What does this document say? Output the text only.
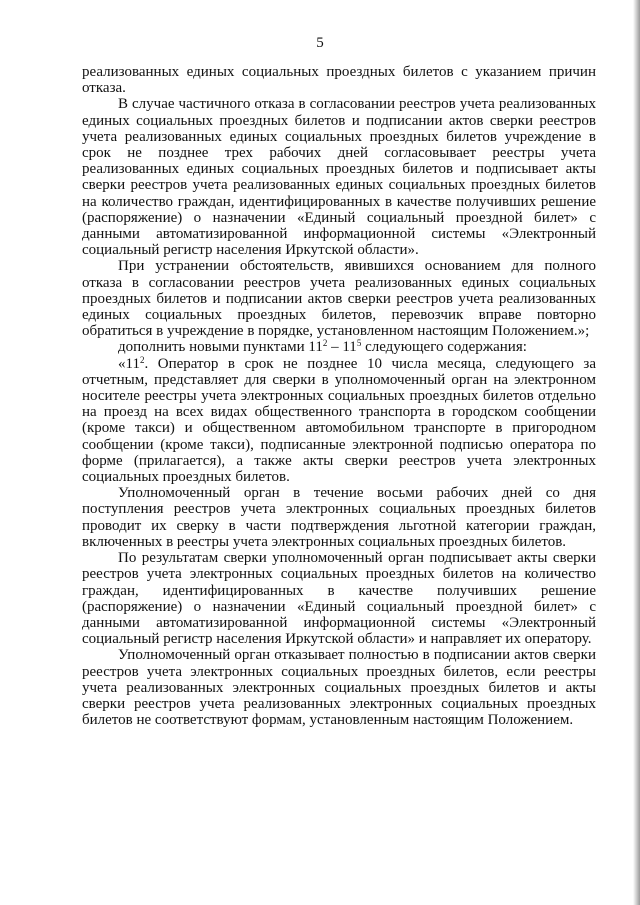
5

реализованных единых социальных проездных билетов с указанием причин отказа.

В случае частичного отказа в согласовании реестров учета реализованных единых социальных проездных билетов и подписании актов сверки реестров учета реализованных единых социальных проездных билетов учреждение в срок не позднее трех рабочих дней согласовывает реестры учета реализованных единых социальных проездных билетов и подписывает акты сверки реестров учета реализованных единых социальных проездных билетов на количество граждан, идентифицированных в качестве получивших решение (распоряжение) о назначении «Единый социальный проездной билет» с данными автоматизированной информационной системы «Электронный социальный регистр населения Иркутской области».

При устранении обстоятельств, явившихся основанием для полного отказа в согласовании реестров учета реализованных единых социальных проездных билетов и подписании актов сверки реестров учета реализованных единых социальных проездных билетов, перевозчик вправе повторно обратиться в учреждение в порядке, установленном настоящим Положением.»;

дополнить новыми пунктами $11^2 - 11^5$ следующего содержания:

«$11^2$. Оператор в срок не позднее 10 числа месяца, следующего за отчетным, представляет для сверки в уполномоченный орган на электронном носителе реестры учета электронных социальных проездных билетов отдельно на проезд на всех видах общественного транспорта в городском сообщении (кроме такси) и общественном автомобильном транспорте в пригородном сообщении (кроме такси), подписанные электронной подписью оператора по форме (прилагается), а также акты сверки реестров учета электронных социальных проездных билетов.

Уполномоченный орган в течение восьми рабочих дней со дня поступления реестров учета электронных социальных проездных билетов проводит их сверку в части подтверждения льготной категории граждан, включенных в реестры учета электронных социальных проездных билетов.

По результатам сверки уполномоченный орган подписывает акты сверки реестров учета электронных социальных проездных билетов на количество граждан, идентифицированных в качестве получивших решение (распоряжение) о назначении «Единый социальный проездной билет» с данными автоматизированной информационной системы «Электронный социальный регистр населения Иркутской области» и направляет их оператору.

Уполномоченный орган отказывает полностью в подписании актов сверки реестров учета электронных социальных проездных билетов, если реестры учета реализованных электронных социальных проездных билетов и акты сверки реестров учета реализованных электронных социальных проездных билетов не соответствуют формам, установленным настоящим Положением.
